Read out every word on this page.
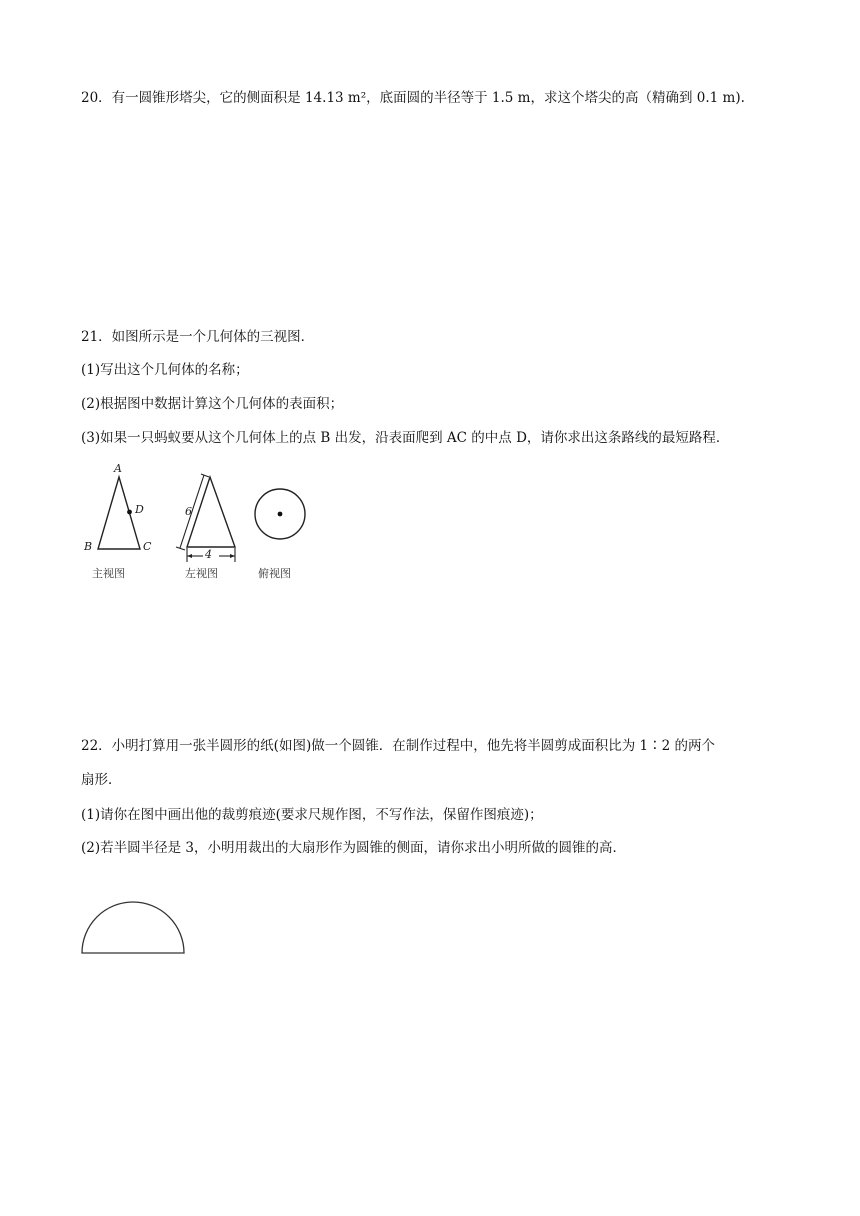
20．有一圆锥形塔尖，它的侧面积是 14.13 m²，底面圆的半径等于 1.5 m，求这个塔尖的高（精确到 0.1 m).
21．如图所示是一个几何体的三视图．
(1)写出这个几何体的名称；
(2)根据图中数据计算这个几何体的表面积；
(3)如果一只蚂蚁要从这个几何体上的点 B 出发，沿表面爬到 AC 的中点 D，请你求出这条路线的最短路程．
A
D
B	C
6
4
主视图	左视图	俯视图
22．小明打算用一张半圆形的纸(如图)做一个圆锥．在制作过程中，他先将半圆剪成面积比为 1∶2 的两个
扇形．
(1)请你在图中画出他的裁剪痕迹(要求尺规作图，不写作法，保留作图痕迹)；
(2)若半圆半径是 3，小明用裁出的大扇形作为圆锥的侧面，请你求出小明所做的圆锥的高．
